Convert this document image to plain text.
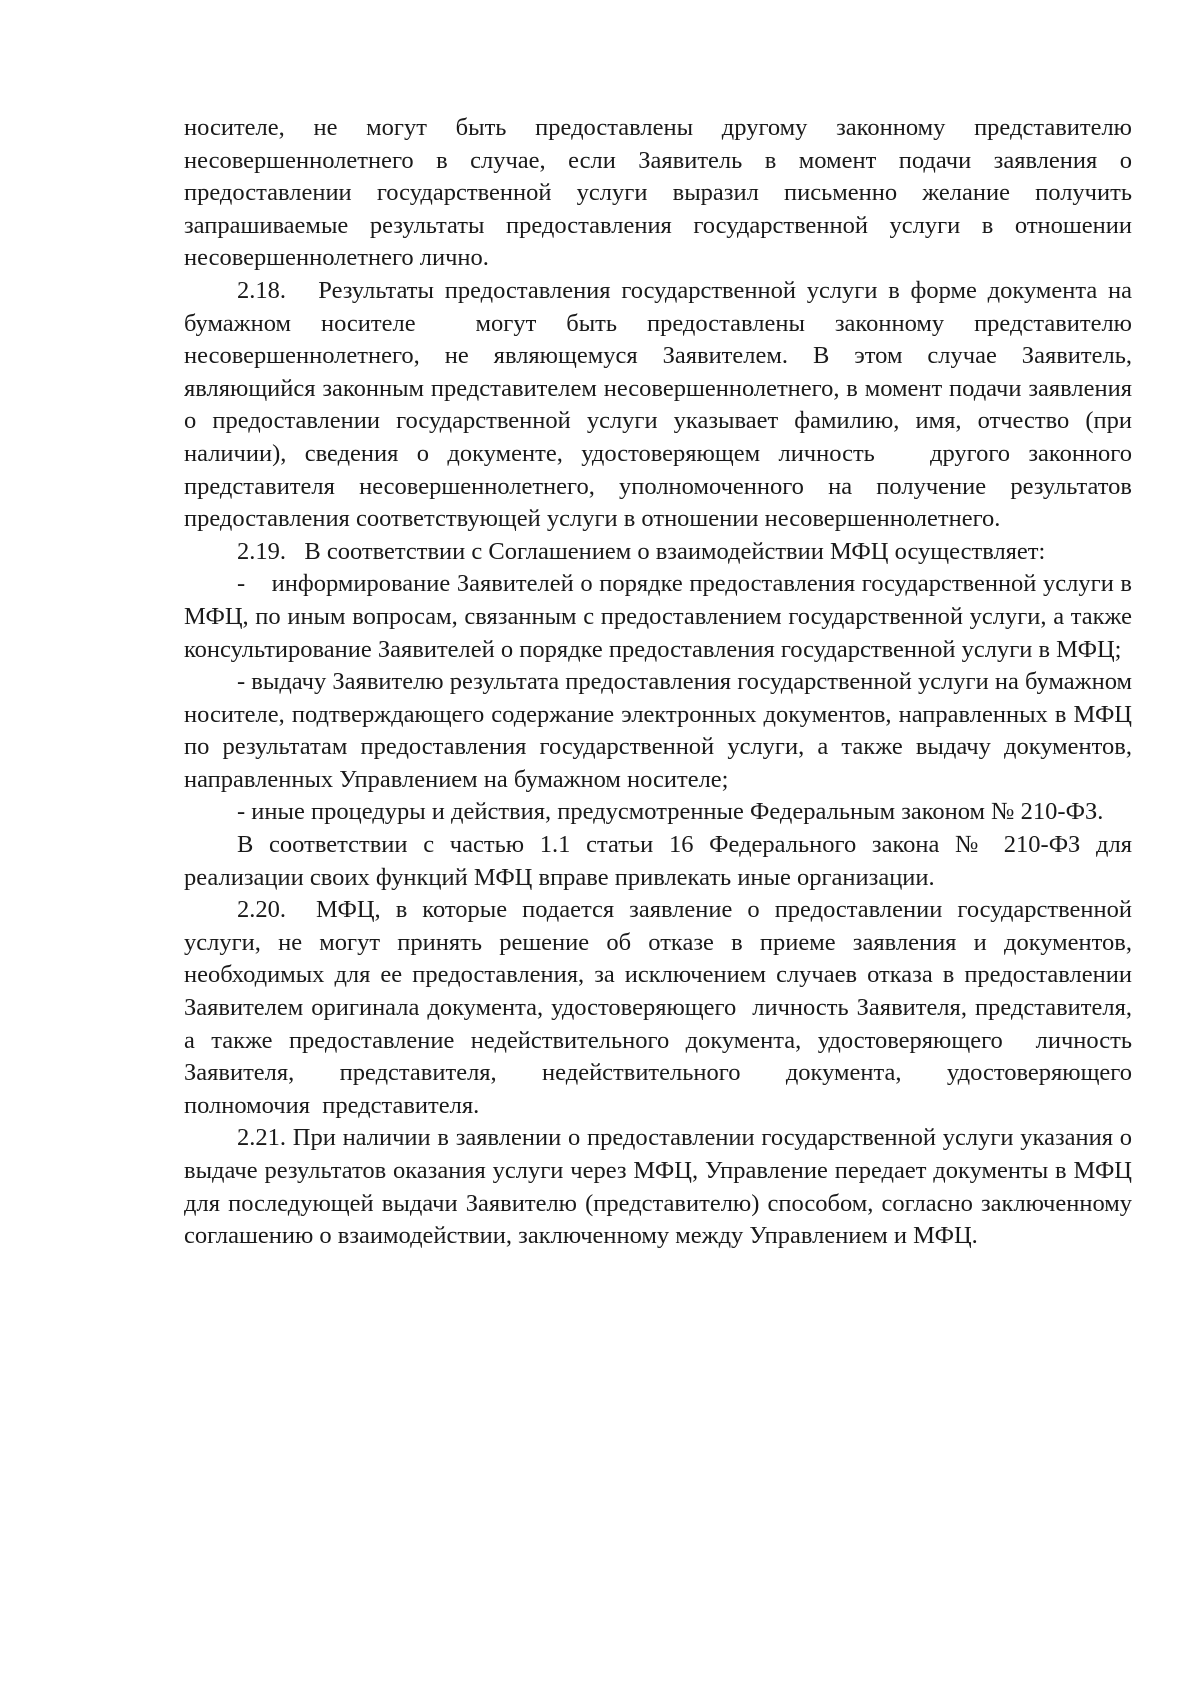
носителе, не могут быть предоставлены другому законному представителю несовершеннолетнего в случае, если Заявитель в момент подачи заявления о предоставлении государственной услуги выразил письменно желание получить запрашиваемые результаты предоставления государственной услуги в отношении несовершеннолетнего лично.

2.18.   Результаты предоставления государственной услуги в форме документа на бумажном носителе  могут быть предоставлены законному представителю несовершеннолетнего, не являющемуся Заявителем. В этом случае Заявитель, являющийся законным представителем несовершеннолетнего, в момент подачи заявления о предоставлении государственной услуги указывает фамилию, имя, отчество (при наличии), сведения о документе, удостоверяющем личность   другого законного представителя несовершеннолетнего, уполномоченного на получение результатов предоставления соответствующей услуги в отношении несовершеннолетнего.

2.19.   В соответствии с Соглашением о взаимодействии МФЦ осуществляет:

-    информирование Заявителей о порядке предоставления государственной услуги в МФЦ, по иным вопросам, связанным с предоставлением государственной услуги, а также консультирование Заявителей о порядке предоставления государственной услуги в МФЦ;

- выдачу Заявителю результата предоставления государственной услуги на бумажном носителе, подтверждающего содержание электронных документов, направленных в МФЦ по результатам предоставления государственной услуги, а также выдачу документов, направленных Управлением на бумажном носителе;

- иные процедуры и действия, предусмотренные Федеральным законом № 210-ФЗ.

В соответствии с частью 1.1 статьи 16 Федерального закона № 210-ФЗ для реализации своих функций МФЦ вправе привлекать иные организации.

2.20.  МФЦ, в которые подается заявление о предоставлении государственной услуги, не могут принять решение об отказе в приеме заявления и документов, необходимых для ее предоставления, за исключением случаев отказа в предоставлении Заявителем оригинала документа, удостоверяющего  личность Заявителя, представителя, а также предоставление недействительного документа, удостоверяющего  личность Заявителя, представителя, недействительного документа, удостоверяющего полномочия  представителя.

2.21. При наличии в заявлении о предоставлении государственной услуги указания о выдаче результатов оказания услуги через МФЦ, Управление передает документы в МФЦ для последующей выдачи Заявителю (представителю) способом, согласно заключенному соглашению о взаимодействии, заключенному между Управлением и МФЦ.
